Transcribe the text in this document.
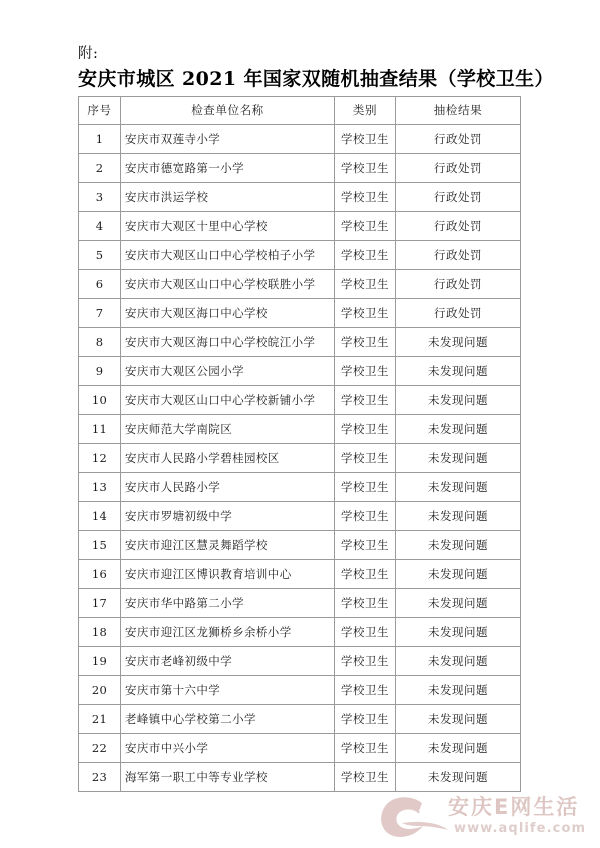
附:
安庆市城区 2021 年国家双随机抽查结果（学校卫生）
序号	检查单位名称	类别	抽检结果
1	安庆市双莲寺小学	学校卫生	行政处罚
2	安庆市德宽路第一小学	学校卫生	行政处罚
3	安庆市洪运学校	学校卫生	行政处罚
4	安庆市大观区十里中心学校	学校卫生	行政处罚
5	安庆市大观区山口中心学校柏子小学	学校卫生	行政处罚
6	安庆市大观区山口中心学校联胜小学	学校卫生	行政处罚
7	安庆市大观区海口中心学校	学校卫生	行政处罚
8	安庆市大观区海口中心学校皖江小学	学校卫生	未发现问题
9	安庆市大观区公园小学	学校卫生	未发现问题
10	安庆市大观区山口中心学校新铺小学	学校卫生	未发现问题
11	安庆师范大学南院区	学校卫生	未发现问题
12	安庆市人民路小学碧桂园校区	学校卫生	未发现问题
13	安庆市人民路小学	学校卫生	未发现问题
14	安庆市罗塘初级中学	学校卫生	未发现问题
15	安庆市迎江区慧灵舞蹈学校	学校卫生	未发现问题
16	安庆市迎江区博识教育培训中心	学校卫生	未发现问题
17	安庆市华中路第二小学	学校卫生	未发现问题
18	安庆市迎江区龙狮桥乡余桥小学	学校卫生	未发现问题
19	安庆市老峰初级中学	学校卫生	未发现问题
20	安庆市第十六中学	学校卫生	未发现问题
21	老峰镇中心学校第二小学	学校卫生	未发现问题
22	安庆市中兴小学	学校卫生	未发现问题
23	海军第一职工中等专业学校	学校卫生	未发现问题
安庆E网生活
www.aqlife.com
